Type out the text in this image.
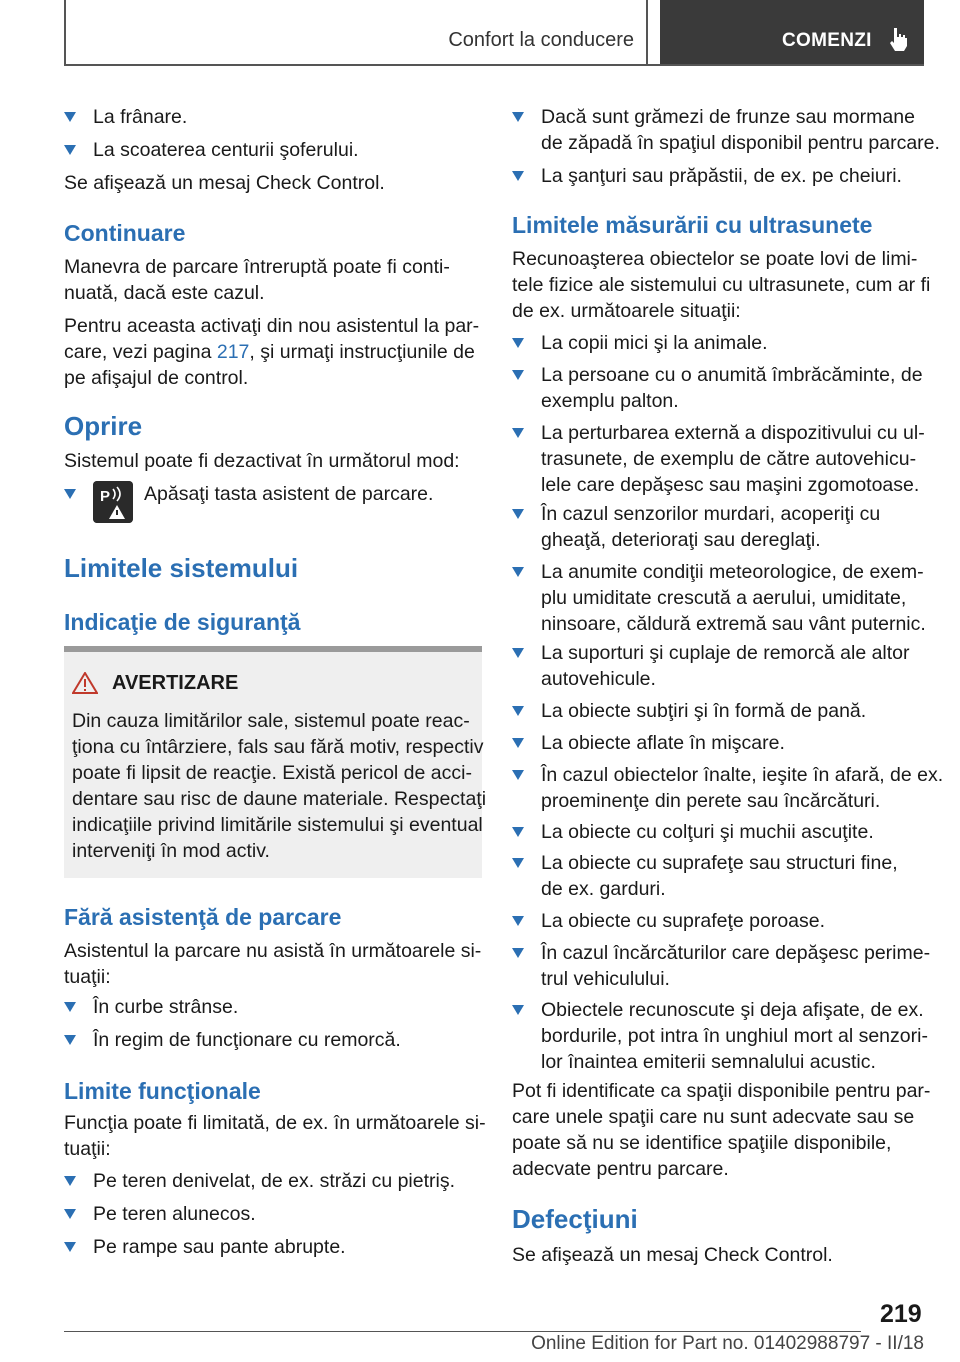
Confort la conducere	COMENZI
La frânare.
La scoaterea centurii şoferului.
Se afişează un mesaj Check Control.
Continuare
Manevra de parcare întreruptă poate fi conti‐
nuată, dacă este cazul.
Pentru aceasta activaţi din nou asistentul la par‐
care, vezi pagina 217, şi urmaţi instrucţiunile de
pe afişajul de control.
Oprire
Sistemul poate fi dezactivat în următorul mod:
P Apăsaţi tasta asistent de parcare.
Limitele sistemului
Indicaţie de siguranţă
AVERTIZARE
Din cauza limitărilor sale, sistemul poate reac‐
ţiona cu întârziere, fals sau fără motiv, respectiv
poate fi lipsit de reacţie. Există pericol de acci‐
dentare sau risc de daune materiale. Respectaţi
indicaţiile privind limitările sistemului şi eventual
interveniţi în mod activ.
Fără asistenţă de parcare
Asistentul la parcare nu asistă în următoarele si‐
tuaţii:
În curbe strânse.
În regim de funcţionare cu remorcă.
Limite funcţionale
Funcţia poate fi limitată, de ex. în următoarele si‐
tuaţii:
Pe teren denivelat, de ex. străzi cu pietriş.
Pe teren alunecos.
Pe rampe sau pante abrupte.
Dacă sunt grămezi de frunze sau mormane
de zăpadă în spaţiul disponibil pentru parcare.
La şanţuri sau prăpăstii, de ex. pe cheiuri.
Limitele măsurării cu ultrasunete
Recunoaşterea obiectelor se poate lovi de limi‐
tele fizice ale sistemului cu ultrasunete, cum ar fi
de ex. următoarele situaţii:
La copii mici şi la animale.
La persoane cu o anumită îmbrăcăminte, de
exemplu palton.
La perturbarea externă a dispozitivului cu ul‐
trasunete, de exemplu de către autovehicu‐
lele care depăşesc sau maşini zgomotoase.
În cazul senzorilor murdari, acoperiţi cu
gheaţă, deterioraţi sau dereglaţi.
La anumite condiţii meteorologice, de exem‐
plu umiditate crescută a aerului, umiditate,
ninsoare, căldură extremă sau vânt puternic.
La suporturi şi cuplaje de remorcă ale altor
autovehicule.
La obiecte subţiri şi în formă de pană.
La obiecte aflate în mişcare.
În cazul obiectelor înalte, ieşite în afară, de ex.
proeminenţe din perete sau încărcături.
La obiecte cu colţuri şi muchii ascuţite.
La obiecte cu suprafeţe sau structuri fine,
de ex. garduri.
La obiecte cu suprafeţe poroase.
În cazul încărcăturilor care depăşesc perime‐
trul vehiculului.
Obiectele recunoscute şi deja afişate, de ex.
bordurile, pot intra în unghiul mort al senzori‐
lor înaintea emiterii semnalului acustic.
Pot fi identificate ca spaţii disponibile pentru par‐
care unele spaţii care nu sunt adecvate sau se
poate să nu se identifice spaţiile disponibile,
adecvate pentru parcare.
Defecţiuni
Se afişează un mesaj Check Control.
219
Online Edition for Part no. 01402988797 - II/18
